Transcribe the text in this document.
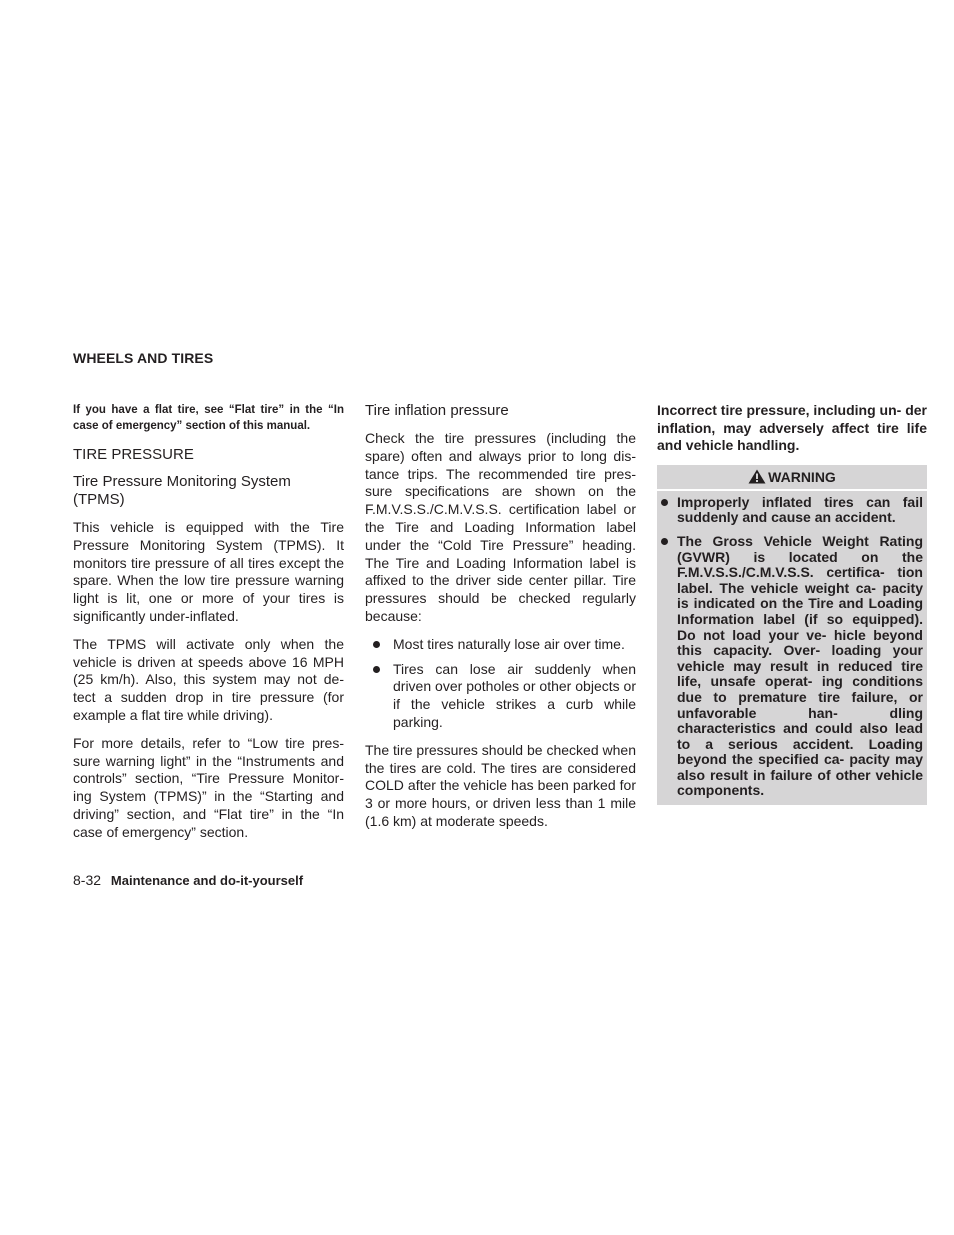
WHEELS AND TIRES

If you have a flat tire, see “Flat tire” in the “In case of emergency” section of this manual.

TIRE PRESSURE
Tire Pressure Monitoring System (TPMS)

This vehicle is equipped with the Tire Pressure Monitoring System (TPMS). It monitors tire pressure of all tires except the spare. When the low tire pressure warning light is lit, one or more of your tires is significantly under-inflated.

The TPMS will activate only when the vehicle is driven at speeds above 16 MPH (25 km/h). Also, this system may not de- tect a sudden drop in tire pressure (for example a flat tire while driving).

For more details, refer to “Low tire pres- sure warning light” in the “Instruments and controls” section, “Tire Pressure Monitor- ing System (TPMS)” in the “Starting and driving” section, and “Flat tire” in the “In case of emergency” section.

Tire inflation pressure

Check the tire pressures (including the spare) often and always prior to long dis- tance trips. The recommended tire pres- sure specifications are shown on the F.M.V.S.S./C.M.V.S.S. certification label or the Tire and Loading Information label under the “Cold Tire Pressure” heading. The Tire and Loading Information label is affixed to the driver side center pillar. Tire pressures should be checked regularly because:

Most tires naturally lose air over time.
Tires can lose air suddenly when driven over potholes or other objects or if the vehicle strikes a curb while parking.

The tire pressures should be checked when the tires are cold. The tires are considered COLD after the vehicle has been parked for 3 or more hours, or driven less than 1 mile (1.6 km) at moderate speeds.

Incorrect tire pressure, including un- der inflation, may adversely affect tire life and vehicle handling.

WARNING
Improperly inflated tires can fail suddenly and cause an accident.
The Gross Vehicle Weight Rating (GVWR) is located on the F.M.V.S.S./C.M.V.S.S. certifica- tion label. The vehicle weight ca- pacity is indicated on the Tire and Loading Information label (if so equipped). Do not load your ve- hicle beyond this capacity. Over- loading your vehicle may result in reduced tire life, unsafe operat- ing conditions due to premature tire failure, or unfavorable han- dling characteristics and could also lead to a serious accident. Loading beyond the specified ca- pacity may also result in failure of other vehicle components.
8-32 Maintenance and do-it-yourself
